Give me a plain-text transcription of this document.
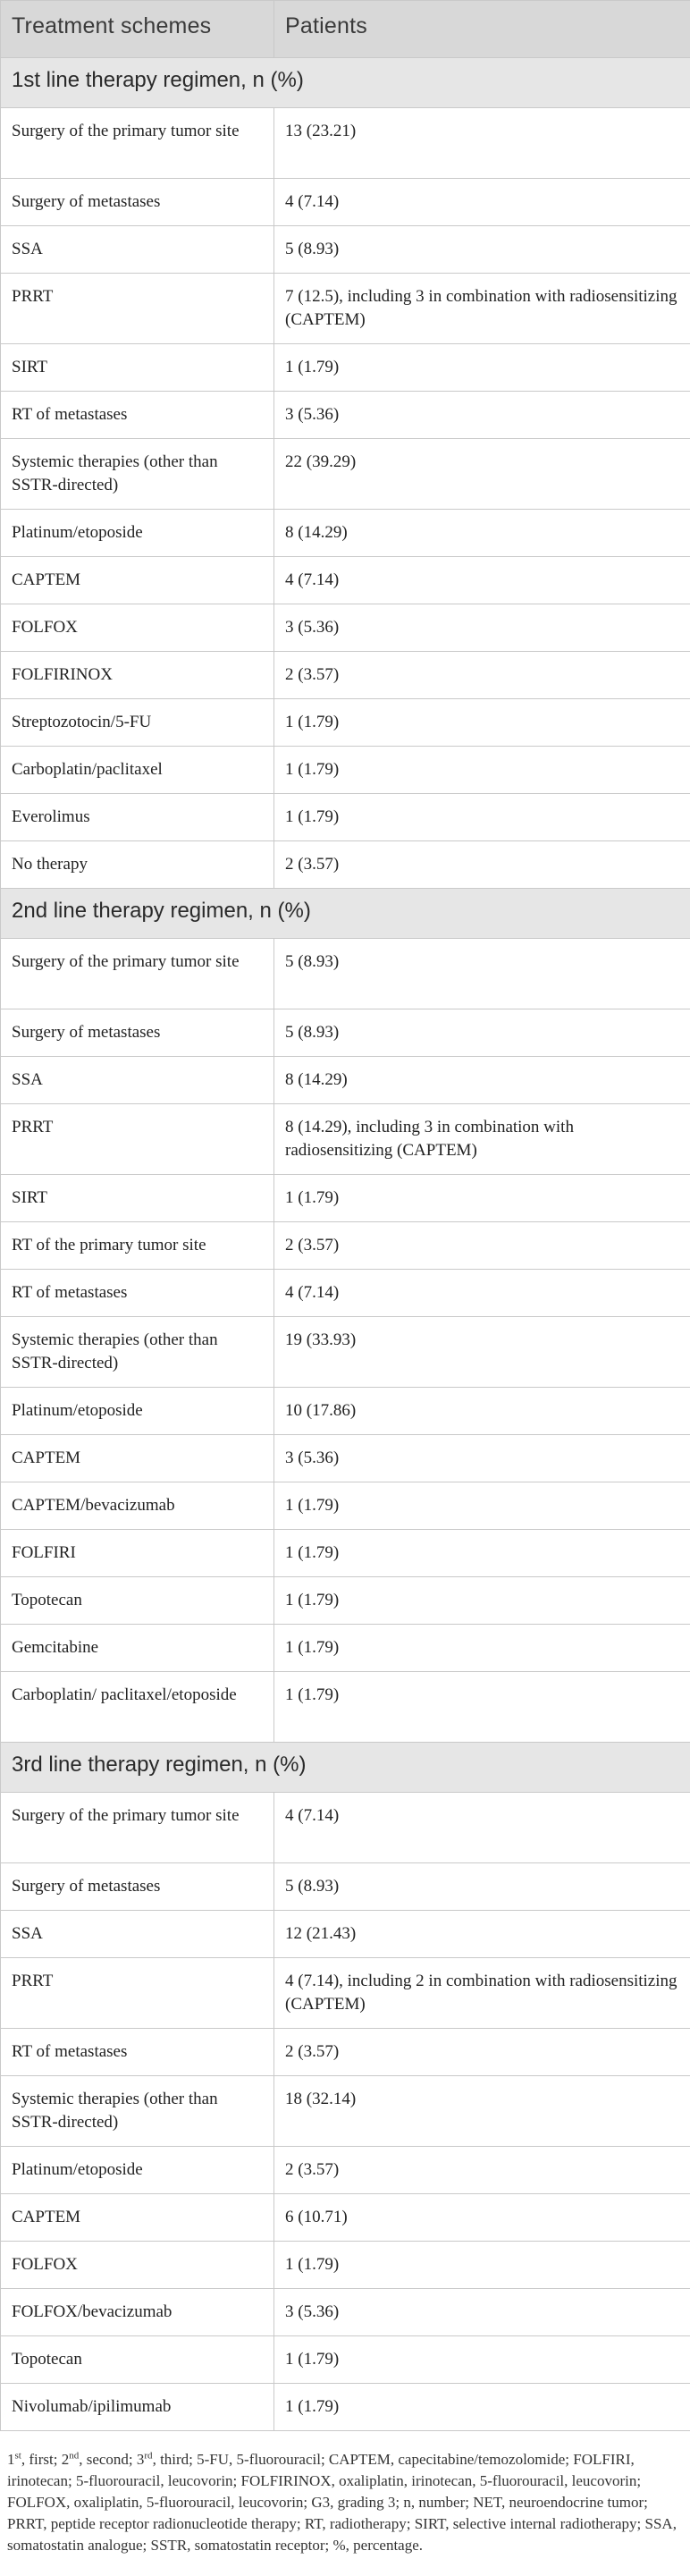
Treatment schemes	Patients
1st line therapy regimen, n (%)	
Surgery of the primary tumor site	13 (23.21)
Surgery of metastases	4 (7.14)
SSA	5 (8.93)
PRRT	7 (12.5), including 3 in combination with radiosensitizing (CAPTEM)
SIRT	1 (1.79)
RT of metastases	3 (5.36)
Systemic therapies (other than SSTR-directed)	22 (39.29)
Platinum/etoposide	8 (14.29)
CAPTEM	4 (7.14)
FOLFOX	3 (5.36)
FOLFIRINOX	2 (3.57)
Streptozotocin/5-FU	1 (1.79)
Carboplatin/paclitaxel	1 (1.79)
Everolimus	1 (1.79)
No therapy	2 (3.57)
2nd line therapy regimen, n (%)	
Surgery of the primary tumor site	5 (8.93)
Surgery of metastases	5 (8.93)
SSA	8 (14.29)
PRRT	8 (14.29), including 3 in combination with radiosensitizing (CAPTEM)
SIRT	1 (1.79)
RT of the primary tumor site	2 (3.57)
RT of metastases	4 (7.14)
Systemic therapies (other than SSTR-directed)	19 (33.93)
Platinum/etoposide	10 (17.86)
CAPTEM	3 (5.36)
CAPTEM/bevacizumab	1 (1.79)
FOLFIRI	1 (1.79)
Topotecan	1 (1.79)
Gemcitabine	1 (1.79)
Carboplatin/ paclitaxel/etoposide	1 (1.79)
3rd line therapy regimen, n (%)	
Surgery of the primary tumor site	4 (7.14)
Surgery of metastases	5 (8.93)
SSA	12 (21.43)
PRRT	4 (7.14), including 2 in combination with radiosensitizing (CAPTEM)
RT of metastases	2 (3.57)
Systemic therapies (other than SSTR-directed)	18 (32.14)
Platinum/etoposide	2 (3.57)
CAPTEM	6 (10.71)
FOLFOX	1 (1.79)
FOLFOX/bevacizumab	3 (5.36)
Topotecan	1 (1.79)
Nivolumab/ipilimumab	1 (1.79)
1st, first; 2nd, second; 3rd, third; 5-FU, 5-fluorouracil; CAPTEM, capecitabine/temozolomide; FOLFIRI, irinotecan; 5-fluorouracil, leucovorin; FOLFIRINOX, oxaliplatin, irinotecan, 5-fluorouracil, leucovorin; FOLFOX, oxaliplatin, 5-fluorouracil, leucovorin; G3, grading 3; n, number; NET, neuroendocrine tumor; PRRT, peptide receptor radionucleotide therapy; RT, radiotherapy; SIRT, selective internal radiotherapy; SSA, somatostatin analogue; SSTR, somatostatin receptor; %, percentage.
